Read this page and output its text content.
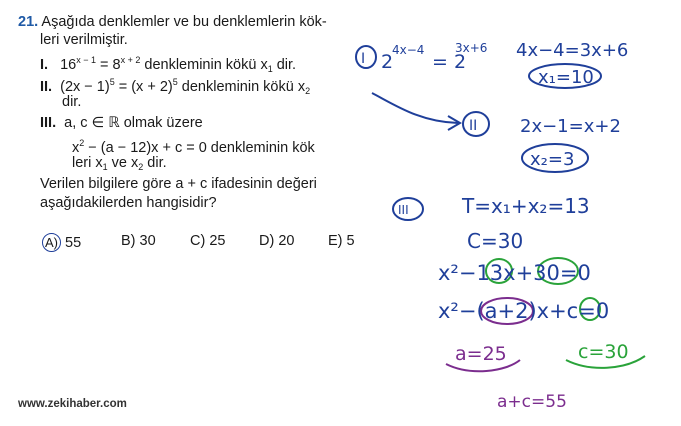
21. Aşağıda denklemler ve bu denklemlerin kök-
leri verilmiştir.
I. $16^{x - 1} = 8^{x + 2}$ denkleminin kökü $x_1$ dir.
II. $(2x - 1)^5 = (x + 2)^5$ denkleminin kökü $x_2$
dir.
III. a, c ∈ ℝ olmak üzere
$x^2 - (a - 12)x + c = 0$ denkleminin kök
leri $x_1$ ve $x_2$ dir.
Verilen bilgilere göre a + c ifadesinin değeri
aşağıdakilerden hangisidir?
A) 55	B) 30 C) 25 D) 20 E) 5
www.zekihaber.com
I 2
4x−4
= 2
3x+6 4x−4=3x+6
x₁=10
II 2x−1=x+2
x₂=3
III	T=x₁+x₂=13
C=30
x²−13x+30=0
x²−(a+2)x+c=0
a=25
a+c=55
c=30
